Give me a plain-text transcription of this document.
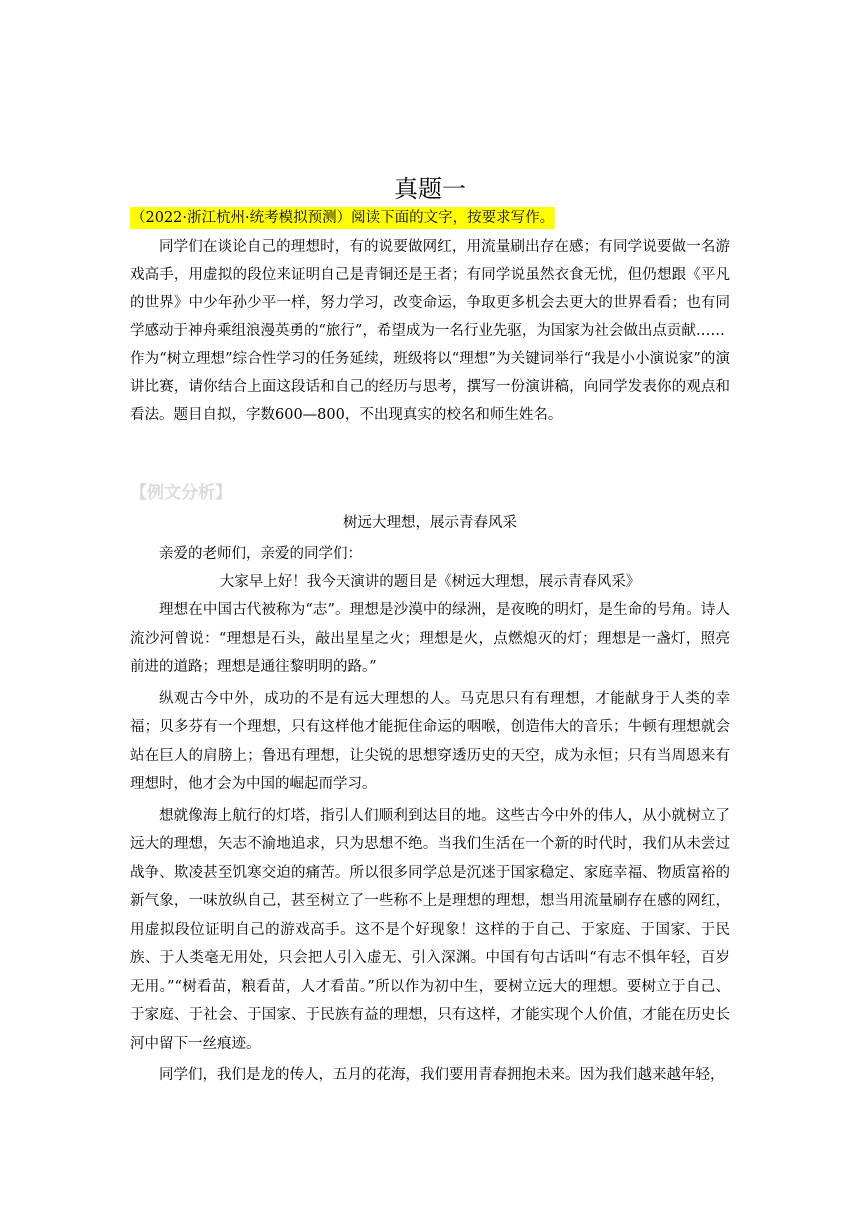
二、真题再现
真题一
（2022·浙江杭州·统考模拟预测）阅读下面的文字，按要求写作。

同学们在谈论自己的理想时，有的说要做网红，用流量刷出存在感；有同学说要做一名游戏高手，用虚拟的段位来证明自己是青铜还是王者；有同学说虽然衣食无忧，但仍想跟《平凡的世界》中少年孙少平一样，努力学习，改变命运，争取更多机会去更大的世界看看；也有同学感动于神舟乘组浪漫英勇的“旅行”，希望成为一名行业先驱，为国家为社会做出点贡献……

作为“树立理想”综合性学习的任务延续，班级将以“理想”为关键词举行“我是小小演说家”的演讲比赛，请你结合上面这段话和自己的经历与思考，撰写一份演讲稿，向同学发表你的观点和看法。题目自拟，字数600—800，不出现真实的校名和师生姓名。

【例文分析】
树远大理想，展示青春风采
亲爱的老师们，亲爱的同学们：
大家早上好！我今天演讲的题目是《树远大理想，展示青春风采》

理想在中国古代被称为“志”。理想是沙漠中的绿洲，是夜晚的明灯，是生命的号角。诗人流沙河曾说：“理想是石头，敲出星星之火；理想是火，点燃熄灭的灯；理想是一盏灯，照亮前进的道路；理想是通往黎明明的路。”

纵观古今中外，成功的不是有远大理想的人。马克思只有有理想，才能献身于人类的幸福；贝多芬有一个理想，只有这样他才能扼住命运的咽喉，创造伟大的音乐；牛顿有理想就会站在巨人的肩膀上；鲁迅有理想，让尖锐的思想穿透历史的天空，成为永恒；只有当周恩来有理想时，他才会为中国的崛起而学习。

想就像海上航行的灯塔，指引人们顺利到达目的地。这些古今中外的伟人，从小就树立了远大的理想，矢志不渝地追求，只为思想不绝。当我们生活在一个新的时代时，我们从未尝过战争、欺凌甚至饥寒交迫的痛苦。所以很多同学总是沉迷于国家稳定、家庭幸福、物质富裕的新气象，一味放纵自己，甚至树立了一些称不上是理想的理想，想当用流量刷存在感的网红，用虚拟段位证明自己的游戏高手。这不是个好现象！这样的于自己、于家庭、于国家、于民族、于人类毫无用处，只会把人引入虚无、引入深渊。中国有句古话叫“有志不惧年轻，百岁无用。”“树看苗，粮看苗，人才看苗。”所以作为初中生，要树立远大的理想。要树立于自己、于家庭、于社会、于国家、于民族有益的理想，只有这样，才能实现个人价值，才能在历史长河中留下一丝痕迹。

同学们，我们是龙的传人，五月的花海，我们要用青春拥抱未来。因为我们越来越年轻，
